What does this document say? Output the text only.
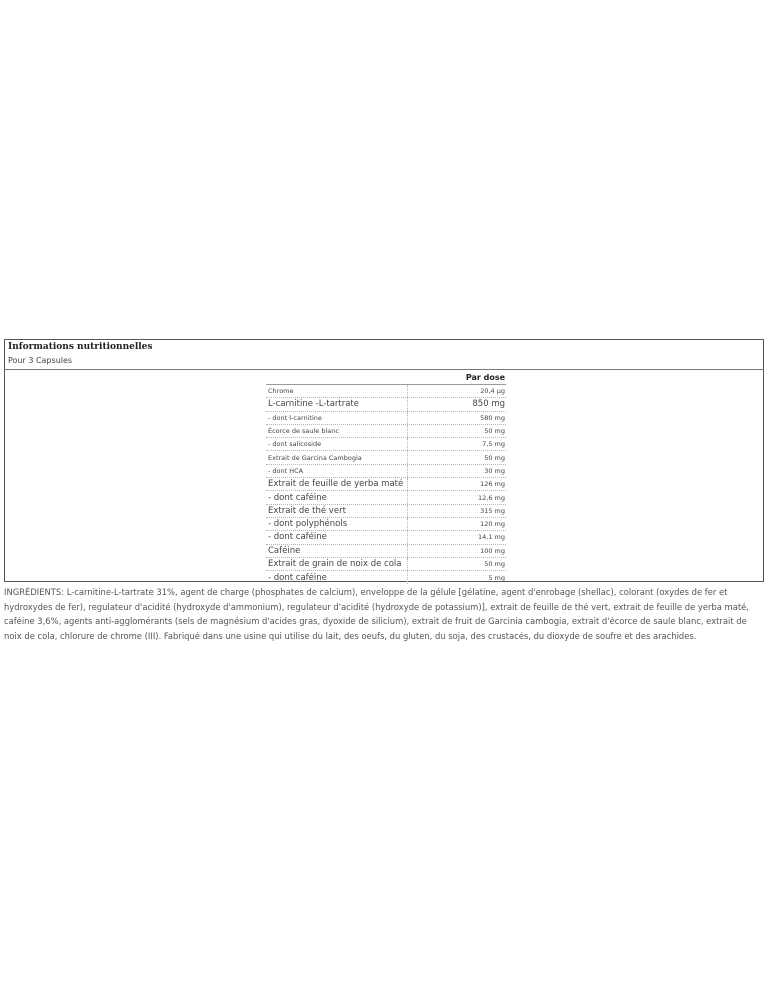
Informations nutritionnelles
Pour 3 Capsules
Par dose
Chrome	20,4 µg
L-carnitine -L-tartrate	850 mg
- dont l-carnitine	580 mg
Écorce de saule blanc	50 mg
- dont salicoside	7,5 mg
Extrait de Garcina Cambogia	50 mg
- dont HCA	30 mg
Extrait de feuille de yerba maté	126 mg
- dont caféine	12,6 mg
Extrait de thé vert	315 mg
- dont polyphénols	120 mg
- dont caféine	14,1 mg
Caféine	100 mg
Extrait de grain de noix de cola	50 mg
- dont caféine	5 mg
INGRÉDIENTS: L-carnitine-L-tartrate 31%, agent de charge (phosphates de calcium), enveloppe de la gélule [gélatine, agent d'enrobage (shellac), colorant (oxydes de fer et hydroxydes de fer), regulateur d'acidité (hydroxyde d'ammonium), regulateur d'acidité (hydroxyde de potassium)], extrait de feuille de thé vert, extrait de feuille de yerba maté, caféine 3,6%, agents anti-agglomérants (sels de magnésium d'acides gras, dyoxide de silicium), extrait de fruit de Garcinia cambogia, extrait d'écorce de saule blanc, extrait de noix de cola, chlorure de chrome (III). Fabriqué dans une usine qui utilise du lait, des oeufs, du gluten, du soja, des crustacés, du dioxyde de soufre et des arachides.
